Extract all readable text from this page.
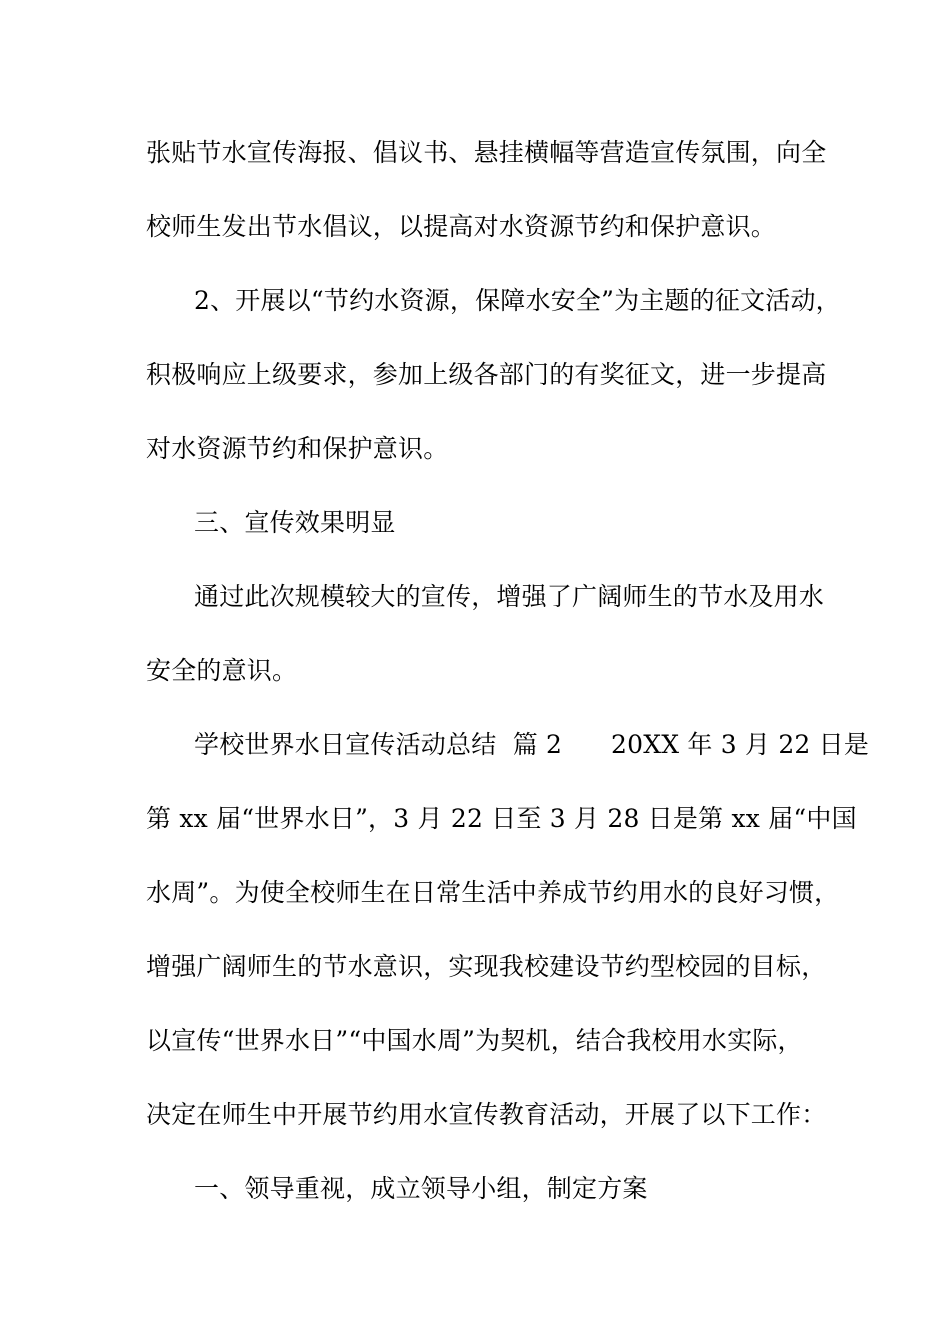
张贴节水宣传海报、倡议书、悬挂横幅等营造宣传氛围，向全
校师生发出节水倡议，以提高对水资源节约和保护意识。
2、开展以“节约水资源，保障水安全”为主题的征文活动，
积极响应上级要求，参加上级各部门的有奖征文，进一步提高
对水资源节约和保护意识。
三、宣传效果明显
通过此次规模较大的宣传，增强了广阔师生的节水及用水
安全的意识。
学校世界水日宣传活动总结  篇 2      20XX 年 3 月 22 日是
第 xx 届“世界水日”，3 月 22 日至 3 月 28 日是第 xx 届“中国
水周”。为使全校师生在日常生活中养成节约用水的良好习惯，
增强广阔师生的节水意识，实现我校建设节约型校园的目标，
以宣传“世界水日”“中国水周”为契机，结合我校用水实际，
决定在师生中开展节约用水宣传教育活动，开展了以下工作：
一、领导重视，成立领导小组，制定方案
